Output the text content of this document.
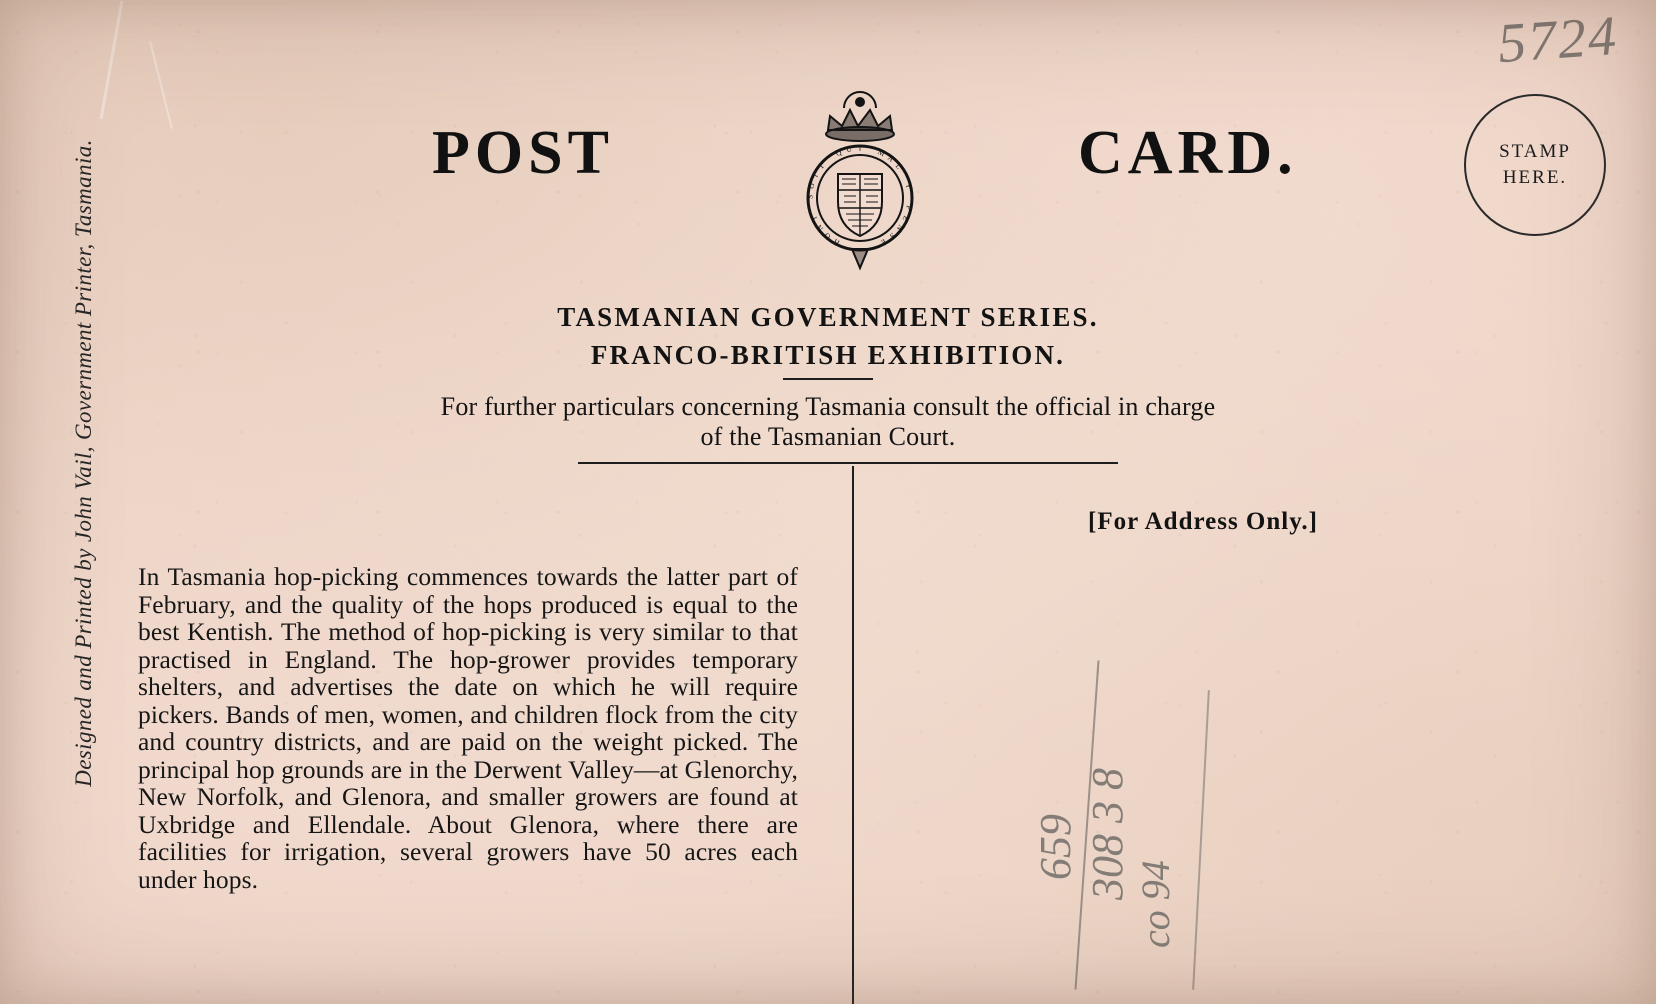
Designed and Printed by John Vail, Government Printer, Tasmania.	POST	CARD.
H
O
N
I
S
O
I
T
Q U I M
A
L
Y
P
E
N
S
E
TASMANIAN GOVERNMENT SERIES.
FRANCO-BRITISH EXHIBITION.
For further particulars concerning Tasmania consult the official in charge
of the Tasmanian Court.
STAMP
HERE.
[For Address Only.]
In Tasmania hop-picking commences towards the latter part of February, and the quality of the hops produced is equal to the best Kentish. The method of hop-picking is very similar to that practised in England. The hop-grower provides temporary shelters, and advertises the date on which he will require pickers. Bands of men, women, and children flock from the city and country districts, and are paid on the weight picked. The principal hop grounds are in the Derwent Valley—at Glenorchy, New Norfolk, and Glenora, and smaller growers are found at Uxbridge and Ellendale. About Glenora, where there are facilities for irrigation, several growers have 50 acres each under hops.
5724
659 308 3 8
co 94
